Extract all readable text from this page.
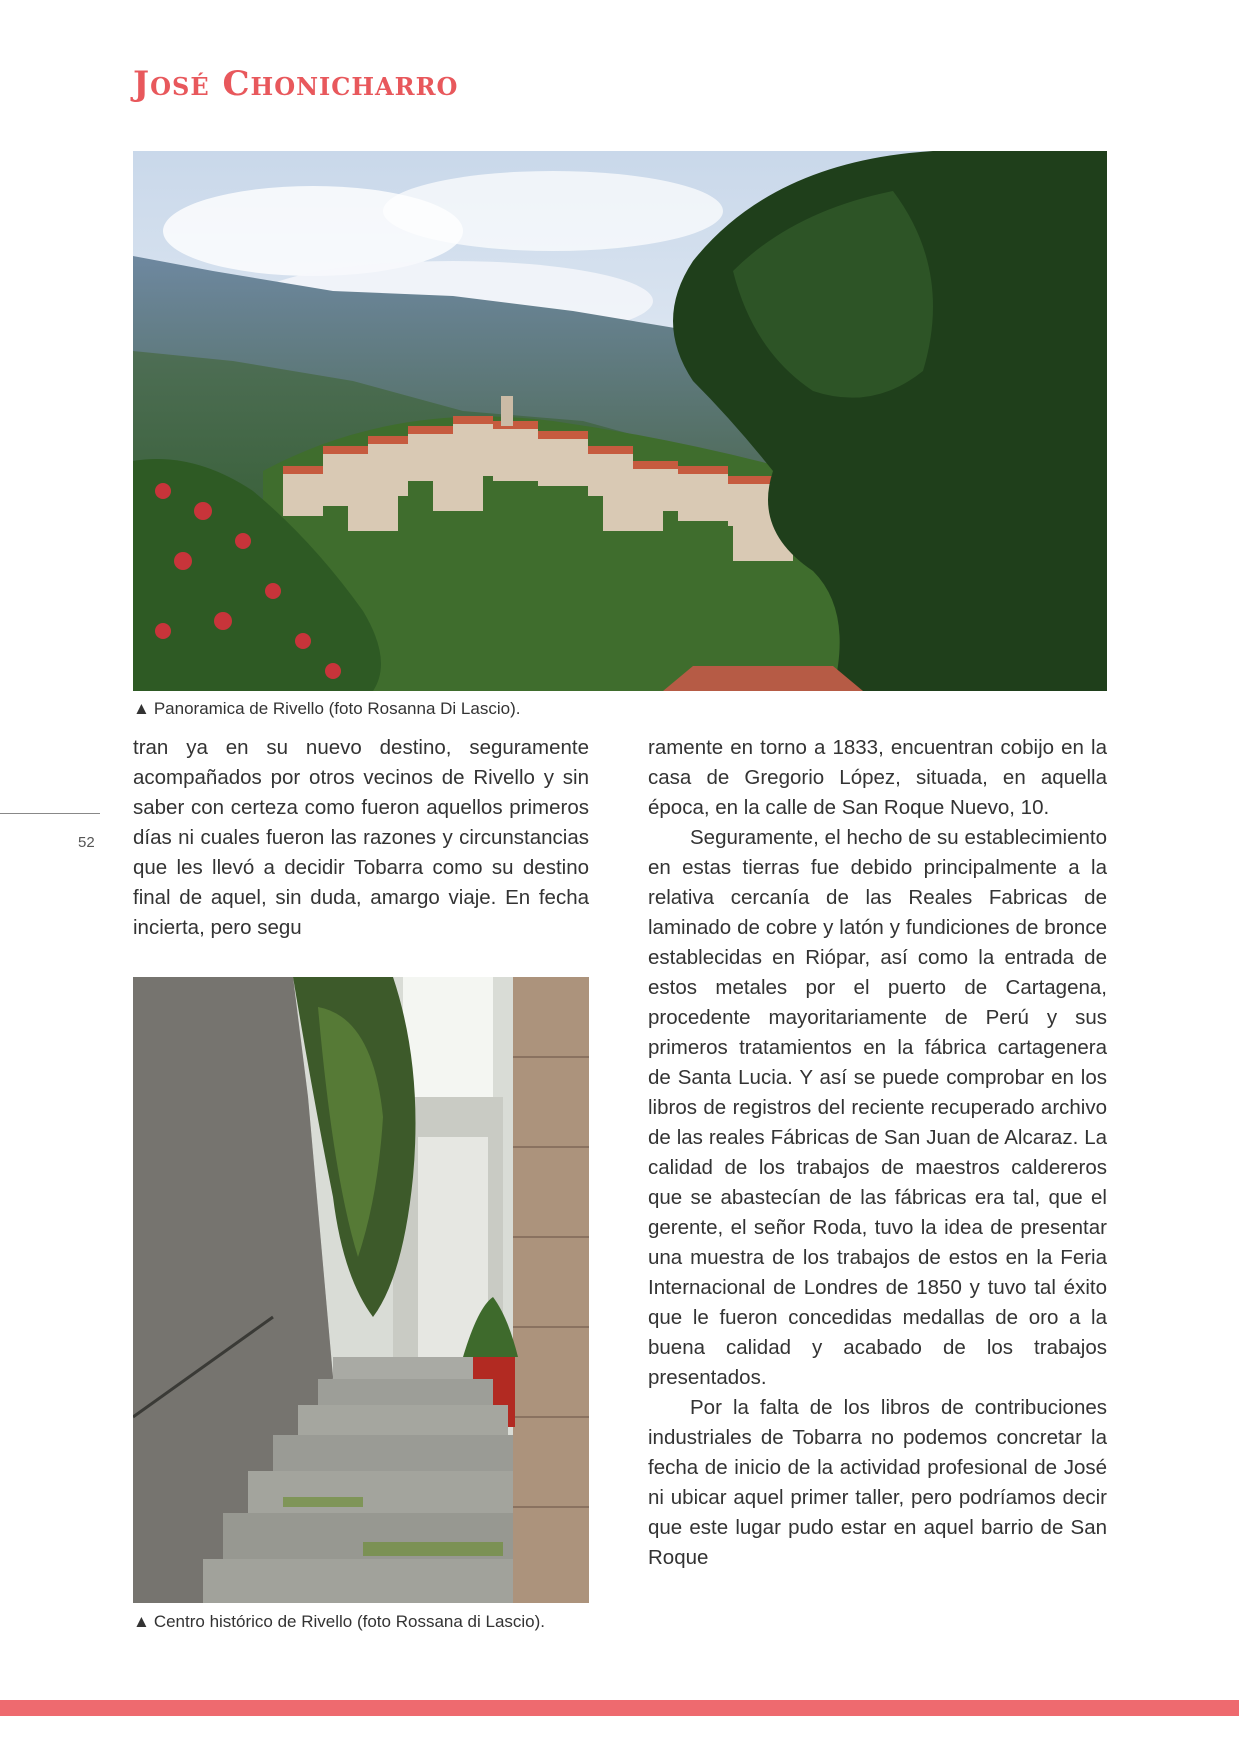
José Chonicharro
▲ Panoramica de Rivello (foto Rosanna Di Lascio).

tran ya en su nuevo destino, seguramente acompañados por otros vecinos de Rivello y sin saber con certeza como fueron aquellos primeros días ni cuales fueron las razones y circunstancias que les llevó a decidir Tobarra como su destino final de aquel, sin duda, amargo viaje. En fecha incierta, pero segu

52
▲ Centro histórico de Rivello (foto Rossana di Lascio).

ramente en torno a 1833, encuentran cobijo en la casa de Gregorio López, situada, en aquella época, en la calle de San Roque Nuevo, 10.

Seguramente, el hecho de su establecimiento en estas tierras fue debido principalmente a la relativa cercanía de las Reales Fabricas de laminado de cobre y latón y fundiciones de bronce establecidas en Riópar, así como la entrada de estos metales por el puerto de Cartagena, procedente mayoritariamente de Perú y sus primeros tratamientos en la fábrica cartagenera de Santa Lucia. Y así se puede comprobar en los libros de registros del reciente recuperado archivo de las reales Fábricas de San Juan de Alcaraz. La calidad de los trabajos de maestros caldereros que se abastecían de las fábricas era tal, que el gerente, el señor Roda, tuvo la idea de presentar una muestra de los trabajos de estos en la Feria Internacional de Londres de 1850 y tuvo tal éxito que le fueron concedidas medallas de oro a la buena calidad y acabado de los trabajos presentados.

Por la falta de los libros de contribuciones industriales de Tobarra no podemos concretar la fecha de inicio de la actividad profesional de José ni ubicar aquel primer taller, pero podríamos decir que este lugar pudo estar en aquel barrio de San Roque
